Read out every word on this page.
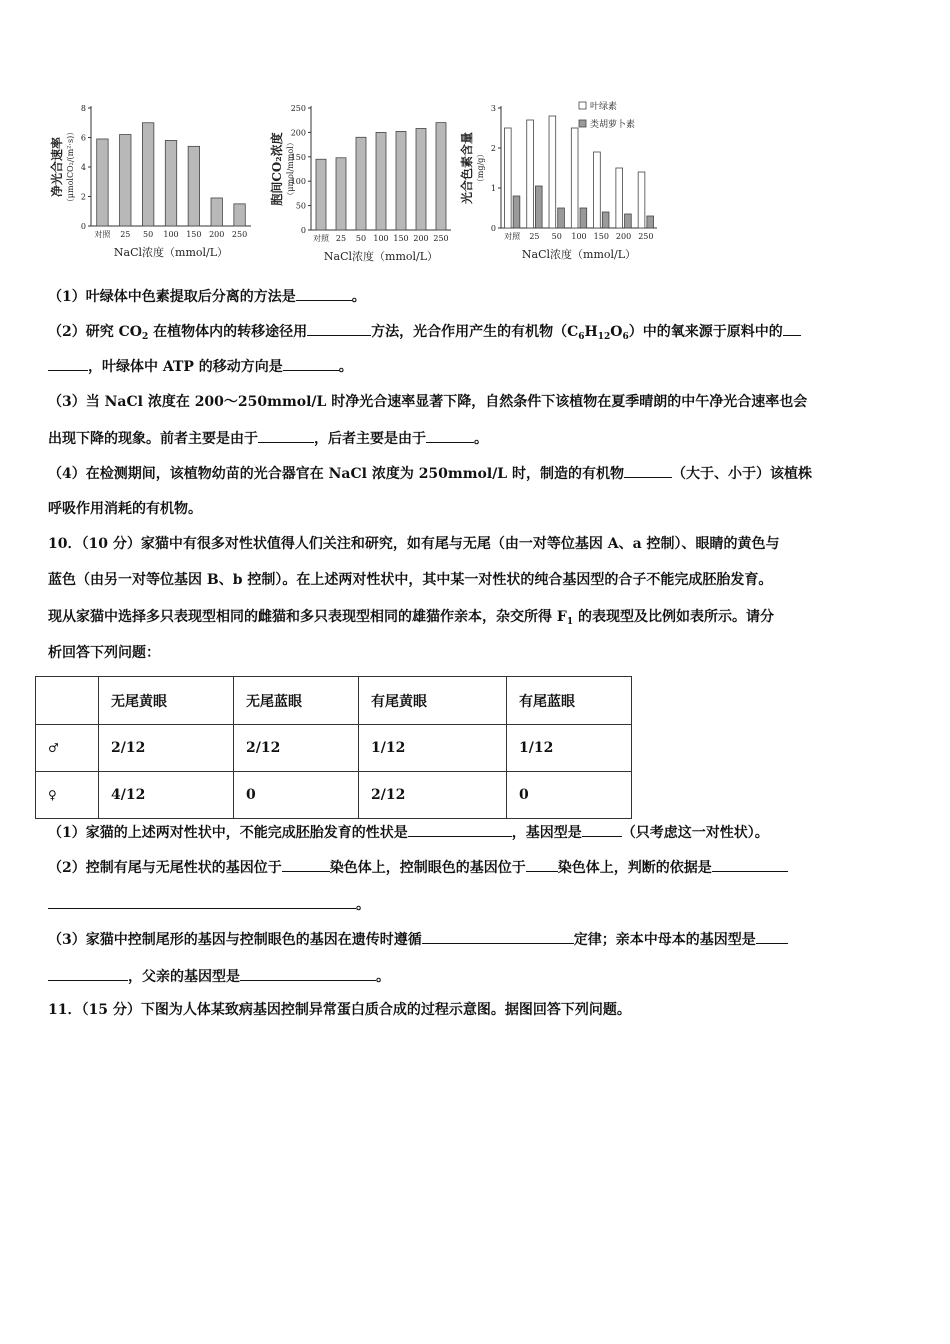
0
2
4
6
8
净光合速率 （μmolCO₂/(m²·s)）
对照 25 50 100 150 200 250
NaCl浓度（mmol/L）
0
50
100
150
200
250
胞间CO₂浓度 （μmol/mmol）
对照 25 50 100 150 200 250
NaCl浓度（mmol/L）
0
1
2
3
光合色素含量 （mg/g）
对照 25 50 100 150 200 250
NaCl浓度（mmol/L）
叶绿素
类胡萝卜素
（1）叶绿体中色素提取后分离的方法是	。
（2）研究 $CO_2$ 在植物体内的转移途径用	方法，光合作用产生的有机物$(C_6H_{12}O_6)$中的氧来源于原料中的
，叶绿体中 ATP 的移动方向是	。
（3）当 NaCl 浓度在 200～250mmol/L 时净光合速率显著下降，自然条件下该植物在夏季晴朗的中午净光合速率也会
出现下降的现象。前者主要是由于	，后者主要是由于	。
（4）在检测期间，该植物幼苗的光合器官在 NaCl 浓度为 250mmol/L 时，制造的有机物	（大于、小于）该植株
呼吸作用消耗的有机物。
10．（10 分）家猫中有很多对性状值得人们关注和研究，如有尾与无尾（由一对等位基因 A、a 控制）、眼睛的黄色与
蓝色（由另一对等位基因 B、b 控制）。在上述两对性状中，其中某一对性状的纯合基因型的合子不能完成胚胎发育。
现从家猫中选择多只表现型相同的雌猫和多只表现型相同的雄猫作亲本，杂交所得 $F_1$ 的表现型及比例如表所示。请分
析回答下列问题：
	无尾黄眼	无尾蓝眼	有尾黄眼	有尾蓝眼
♂	2/12	2/12	1/12	1/12
♀	4/12	0	2/12	0
（1）家猫的上述两对性状中，不能完成胚胎发育的性状是	，基因型是	（只考虑这一对性状）。
（2）控制有尾与无尾性状的基因位于	染色体上，控制眼色的基因位于 染色体上，判断的依据是
。
（3）家猫中控制尾形的基因与控制眼色的基因在遗传时遵循	定律；亲本中母本的基因型是
，父亲的基因型是	。
11．（15 分）下图为人体某致病基因控制异常蛋白质合成的过程示意图。据图回答下列问题。
